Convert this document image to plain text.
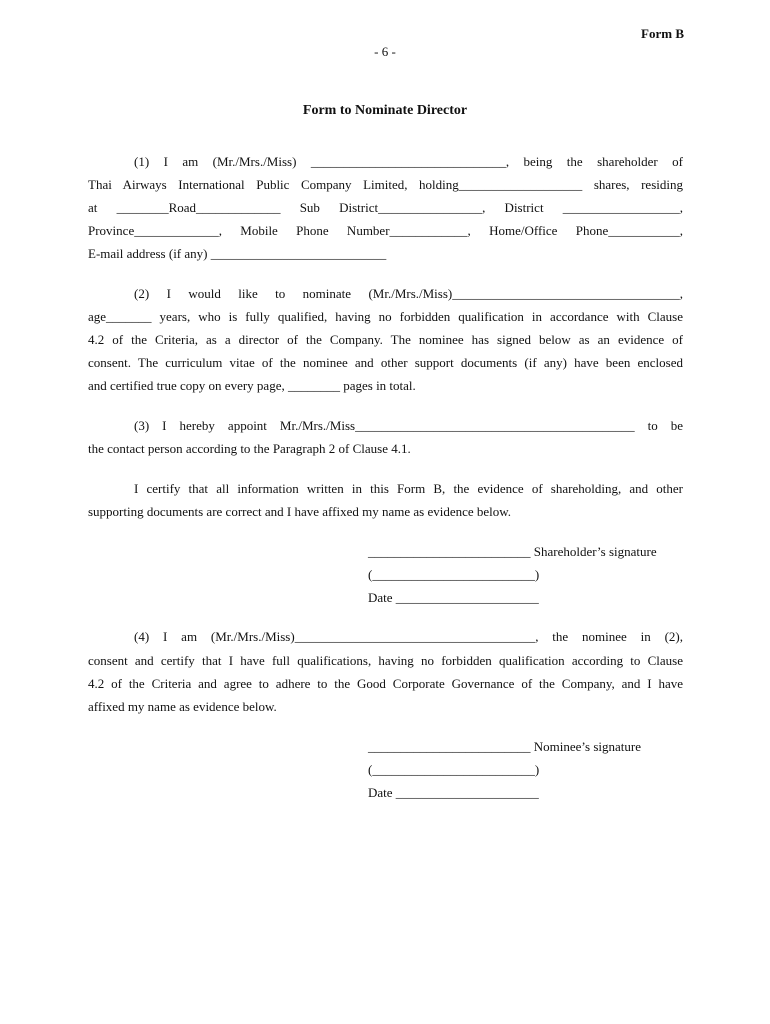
Form B
- 6 -
Form to Nominate Director
(1) I am (Mr./Mrs./Miss) ______________________________, being the shareholder of
Thai Airways International Public Company Limited, holding___________________ shares, residing
at ________Road_____________ Sub District________________, District __________________,
Province_____________, Mobile Phone Number____________, Home/Office Phone___________,
E-mail address (if any) ___________________________
(2) I would like to nominate (Mr./Mrs./Miss)___________________________________,
age_______ years, who is fully qualified, having no forbidden qualification in accordance with Clause
4.2 of the Criteria, as a director of the Company. The nominee has signed below as an evidence of
consent. The curriculum vitae of the nominee and other support documents (if any) have been enclosed
and certified true copy on every page, ________ pages in total.
(3) I hereby appoint Mr./Mrs./Miss___________________________________________ to be
the contact person according to the Paragraph 2 of Clause 4.1.
I certify that all information written in this Form B, the evidence of shareholding, and other
supporting documents are correct and I have affixed my name as evidence below.
_________________________ Shareholder’s signature
(_________________________)
Date ______________________
(4) I am (Mr./Mrs./Miss)_____________________________________, the nominee in (2),
consent and certify that I have full qualifications, having no forbidden qualification according to Clause
4.2 of the Criteria and agree to adhere to the Good Corporate Governance of the Company, and I have
affixed my name as evidence below.
_________________________ Nominee’s signature
(_________________________)
Date ______________________
